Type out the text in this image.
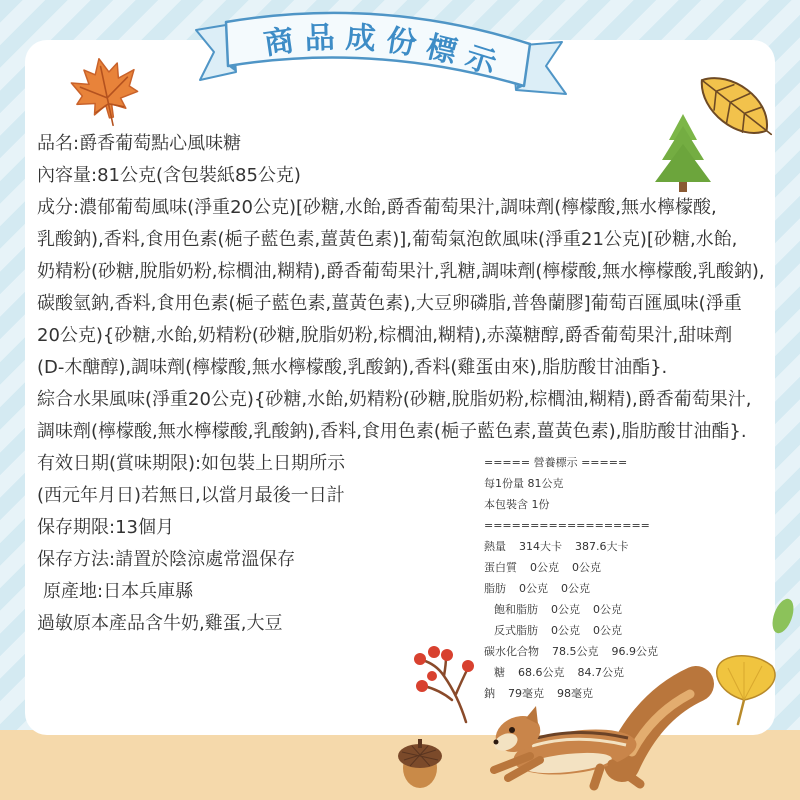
商品成份標示
品名:爵香葡萄點心風味糖
內容量:81公克(含包裝紙85公克)
成分:濃郁葡萄風味(淨重20公克)[砂糖,水飴,爵香葡萄果汁,調味劑(檸檬酸,無水檸檬酸,
乳酸鈉),香料,食用色素(梔子藍色素,薑黃色素)],葡萄氣泡飲風味(淨重21公克)[砂糖,水飴,
奶精粉(砂糖,脫脂奶粉,棕櫚油,糊精),爵香葡萄果汁,乳糖,調味劑(檸檬酸,無水檸檬酸,乳酸鈉),
碳酸氫鈉,香料,食用色素(梔子藍色素,薑黃色素),大豆卵磷脂,普魯蘭膠]葡萄百匯風味(淨重
20公克){砂糖,水飴,奶精粉(砂糖,脫脂奶粉,棕櫚油,糊精),赤藻糖醇,爵香葡萄果汁,甜味劑
(D-木醣醇),調味劑(檸檬酸,無水檸檬酸,乳酸鈉),香料(雞蛋由來),脂肪酸甘油酯}.
綜合水果風味(淨重20公克){砂糖,水飴,奶精粉(砂糖,脫脂奶粉,棕櫚油,糊精),爵香葡萄果汁,
調味劑(檸檬酸,無水檸檬酸,乳酸鈉),香料,食用色素(梔子藍色素,薑黃色素),脂肪酸甘油酯}.
有效日期(賞味期限):如包裝上日期所示
(西元年月日)若無日,以當月最後一日計
保存期限:13個月
保存方法:請置於陰涼處常溫保存
原產地:日本兵庫縣
過敏原本產品含牛奶,雞蛋,大豆
===== 營養標示 =====
每1份量 81公克
本包裝含 1份
==================
熱量 314大卡 387.6大卡
蛋白質 0公克 0公克
脂肪 0公克 0公克
飽和脂肪 0公克 0公克
反式脂肪 0公克 0公克
碳水化合物 78.5公克 96.9公克
糖 68.6公克 84.7公克
鈉 79毫克 98毫克
